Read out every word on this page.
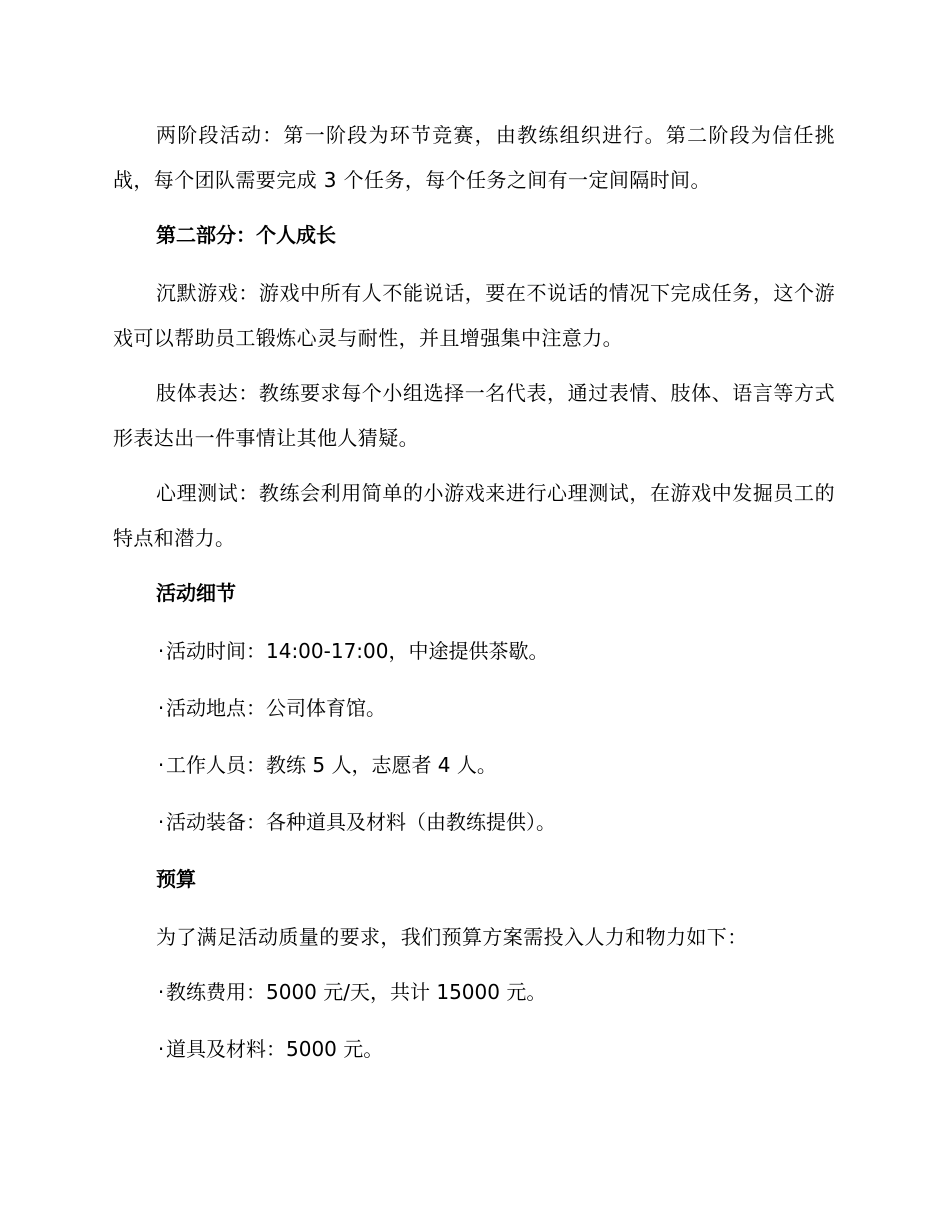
两阶段活动：第一阶段为环节竞赛，由教练组织进行。第二阶段为信任挑战，每个团队需要完成 3 个任务，每个任务之间有一定间隔时间。

第二部分：个人成长

沉默游戏：游戏中所有人不能说话，要在不说话的情况下完成任务，这个游戏可以帮助员工锻炼心灵与耐性，并且增强集中注意力。

肢体表达：教练要求每个小组选择一名代表，通过表情、肢体、语言等方式形表达出一件事情让其他人猜疑。

心理测试：教练会利用简单的小游戏来进行心理测试，在游戏中发掘员工的特点和潜力。

活动细节
·活动时间：14:00-17:00，中途提供茶歇。
·活动地点：公司体育馆。
·工作人员：教练 5 人，志愿者 4 人。
·活动装备：各种道具及材料（由教练提供）。
预算

为了满足活动质量的要求，我们预算方案需投入人力和物力如下：

·教练费用：5000 元/天，共计 15000 元。
·道具及材料：5000 元。
